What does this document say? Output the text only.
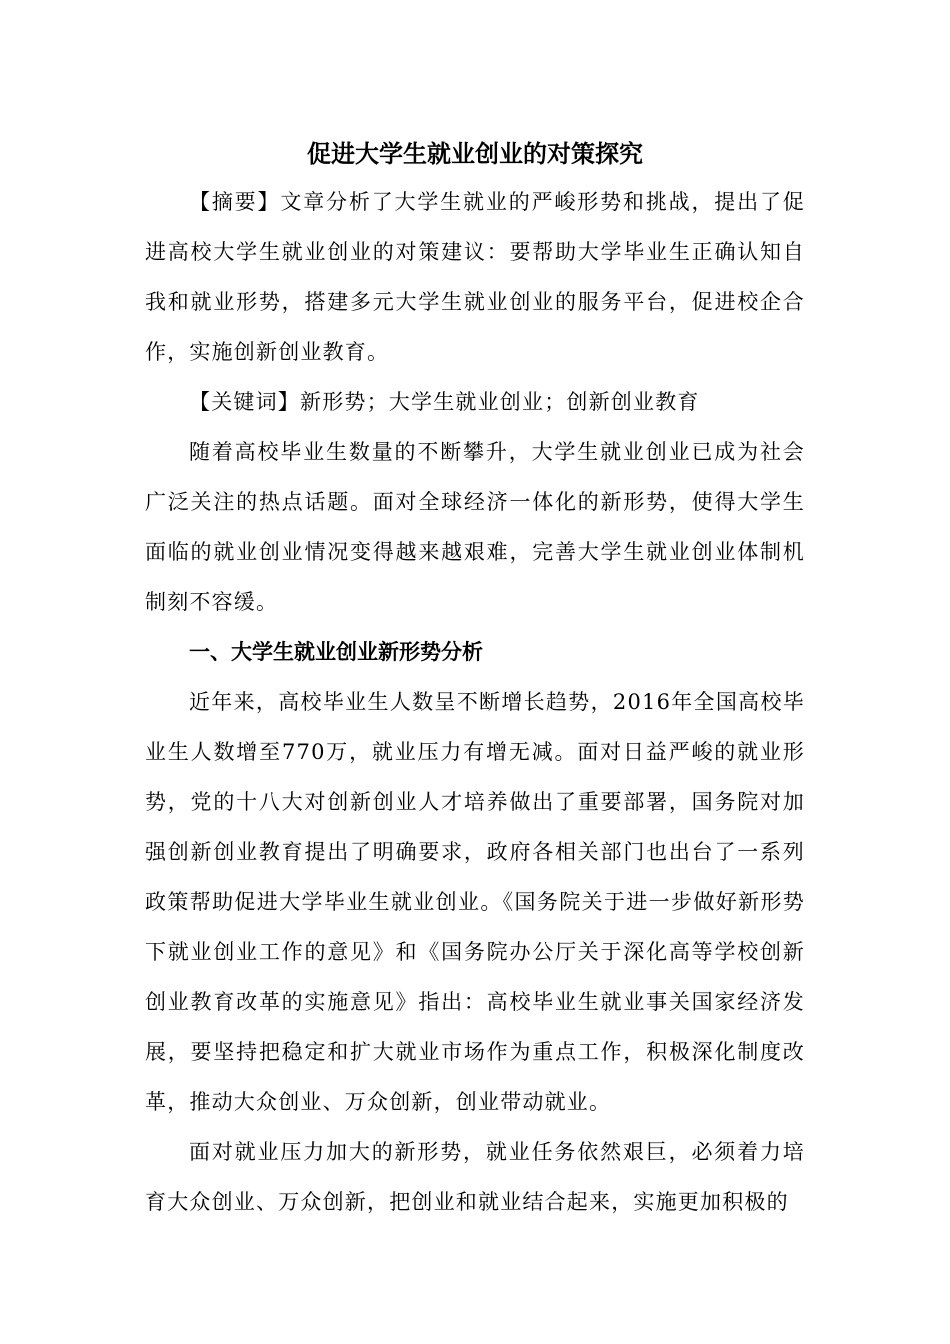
促进大学生就业创业的对策探究

【摘要】文章分析了大学生就业的严峻形势和挑战，提出了促进高校大学生就业创业的对策建议：要帮助大学毕业生正确认知自我和就业形势，搭建多元大学生就业创业的服务平台，促进校企合作，实施创新创业教育。

【关键词】新形势；大学生就业创业；创新创业教育

随着高校毕业生数量的不断攀升，大学生就业创业已成为社会广泛关注的热点话题。面对全球经济一体化的新形势，使得大学生面临的就业创业情况变得越来越艰难，完善大学生就业创业体制机制刻不容缓。

一、大学生就业创业新形势分析

近年来，高校毕业生人数呈不断增长趋势，2016年全国高校毕业生人数增至770万，就业压力有增无减。面对日益严峻的就业形势，党的十八大对创新创业人才培养做出了重要部署，国务院对加强创新创业教育提出了明确要求，政府各相关部门也出台了一系列政策帮助促进大学毕业生就业创业。《国务院关于进一步做好新形势下就业创业工作的意见》和《国务院办公厅关于深化高等学校创新创业教育改革的实施意见》指出：高校毕业生就业事关国家经济发展，要坚持把稳定和扩大就业市场作为重点工作，积极深化制度改革，推动大众创业、万众创新，创业带动就业。

面对就业压力加大的新形势，就业任务依然艰巨，必须着力培育大众创业、万众创新，把创业和就业结合起来，实施更加积极的
